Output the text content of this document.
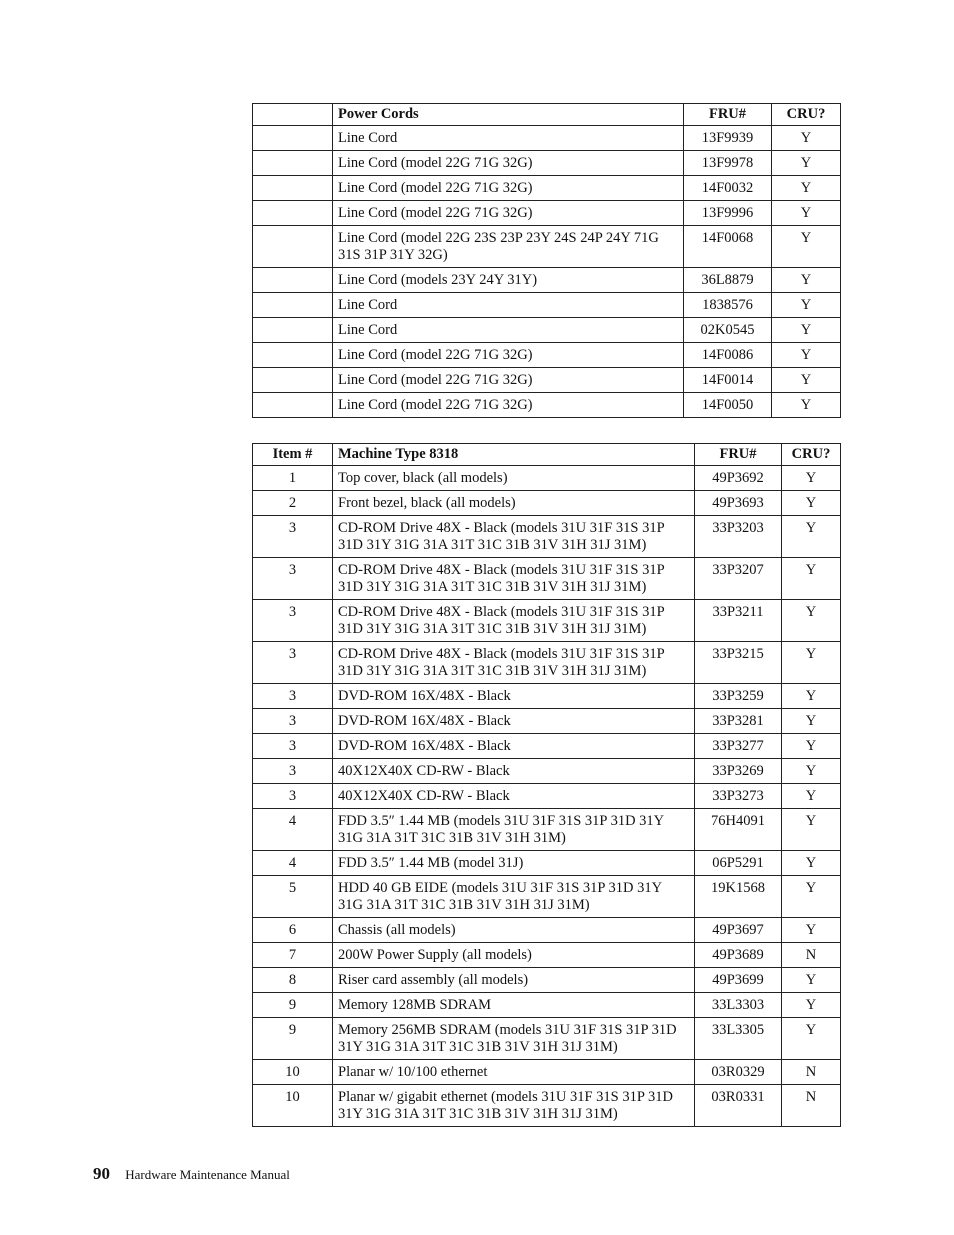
	Power Cords	FRU#	CRU?
	Line Cord	13F9939	Y
	Line Cord (model 22G 71G 32G)	13F9978	Y
	Line Cord (model 22G 71G 32G)	14F0032	Y
	Line Cord (model 22G 71G 32G)	13F9996	Y
	Line Cord (model 22G 23S 23P 23Y 24S 24P 24Y 71G 31S 31P 31Y 32G)	14F0068	Y
	Line Cord (models 23Y 24Y 31Y)	36L8879	Y
	Line Cord	1838576	Y
	Line Cord	02K0545	Y
	Line Cord (model 22G 71G 32G)	14F0086	Y
	Line Cord (model 22G 71G 32G)	14F0014	Y
	Line Cord (model 22G 71G 32G)	14F0050	Y
Item #	Machine Type 8318	FRU#	CRU?
1	Top cover, black (all models)	49P3692	Y
2	Front bezel, black (all models)	49P3693	Y
3	CD-ROM Drive 48X - Black (models 31U 31F 31S 31P 31D 31Y 31G 31A 31T 31C 31B 31V 31H 31J 31M)	33P3203	Y
3	CD-ROM Drive 48X - Black (models 31U 31F 31S 31P 31D 31Y 31G 31A 31T 31C 31B 31V 31H 31J 31M)	33P3207	Y
3	CD-ROM Drive 48X - Black (models 31U 31F 31S 31P 31D 31Y 31G 31A 31T 31C 31B 31V 31H 31J 31M)	33P3211	Y
3	CD-ROM Drive 48X - Black (models 31U 31F 31S 31P 31D 31Y 31G 31A 31T 31C 31B 31V 31H 31J 31M)	33P3215	Y
3	DVD-ROM 16X/48X - Black	33P3259	Y
3	DVD-ROM 16X/48X - Black	33P3281	Y
3	DVD-ROM 16X/48X - Black	33P3277	Y
3	40X12X40X CD-RW - Black	33P3269	Y
3	40X12X40X CD-RW - Black	33P3273	Y
4	FDD 3.5″ 1.44 MB (models 31U 31F 31S 31P 31D 31Y 31G 31A 31T 31C 31B 31V 31H 31M)	76H4091	Y
4	FDD 3.5″ 1.44 MB (model 31J)	06P5291	Y
5	HDD 40 GB EIDE (models 31U 31F 31S 31P 31D 31Y 31G 31A 31T 31C 31B 31V 31H 31J 31M)	19K1568	Y
6	Chassis (all models)	49P3697	Y
7	200W Power Supply (all models)	49P3689	N
8	Riser card assembly (all models)	49P3699	Y
9	Memory 128MB SDRAM	33L3303	Y
9	Memory 256MB SDRAM (models 31U 31F 31S 31P 31D 31Y 31G 31A 31T 31C 31B 31V 31H 31J 31M)	33L3305	Y
10	Planar w/ 10/100 ethernet	03R0329	N
10	Planar w/ gigabit ethernet (models 31U 31F 31S 31P 31D 31Y 31G 31A 31T 31C 31B 31V 31H 31J 31M)	03R0331	N
90 Hardware Maintenance Manual
